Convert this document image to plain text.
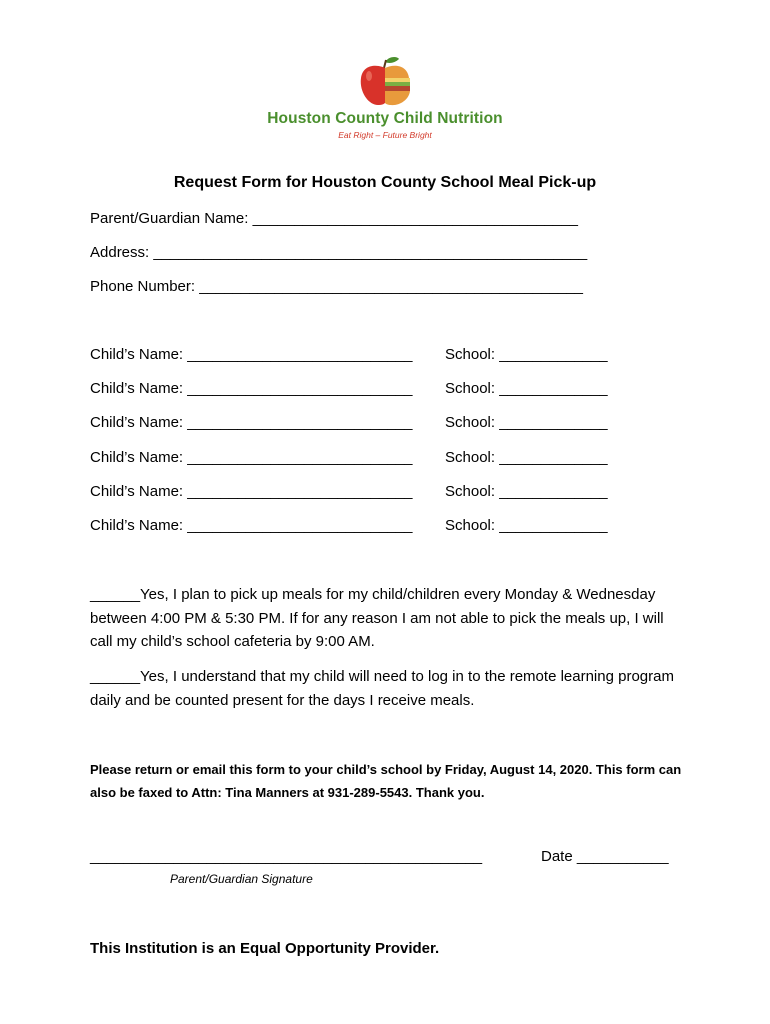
Houston County Child Nutrition
Eat Right – Future Bright
Request Form for Houston County School Meal Pick-up
Parent/Guardian Name: _______________________________________
Address: ____________________________________________________
Phone Number: ______________________________________________
Child’s Name: ___________________________ School: _____________
Child’s Name: ___________________________ School: _____________
Child’s Name: ___________________________ School: _____________
Child’s Name: ___________________________ School: _____________
Child’s Name: ___________________________ School: _____________
Child’s Name: ___________________________ School: _____________
______Yes, I plan to pick up meals for my child/children every Monday & Wednesday between 4:00 PM & 5:30 PM. If for any reason I am not able to pick the meals up, I will call my child’s school cafeteria by 9:00 AM.
______Yes, I understand that my child will need to log in to the remote learning program daily and be counted present for the days I receive meals.
Please return or email this form to your child’s school by Friday, August 14, 2020. This form can also be faxed to Attn: Tina Manners at 931-289-5543. Thank you.
_______________________________________________	Date ___________
Parent/Guardian Signature
This Institution is an Equal Opportunity Provider.
